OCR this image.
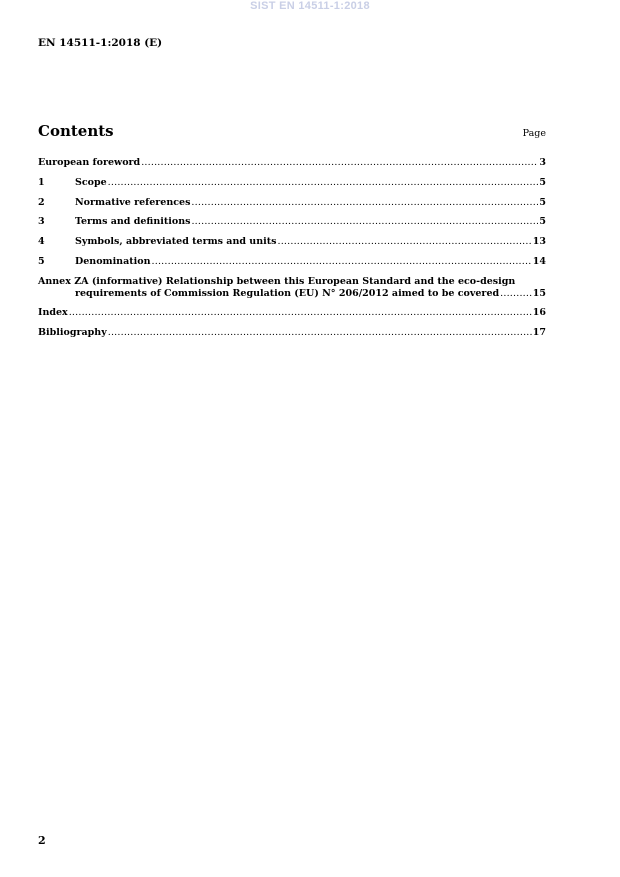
SIST EN 14511-1:2018
EN 14511-1:2018 (E)
Contents	Page
European foreword .....	3
1	Scope .....	5
2	Normative references .....	5
3	Terms and definitions .....	5
4	Symbols, abbreviated terms and units .....	13
5	Denomination .....	14
Annex ZA (informative) Relationship between this European Standard and the eco-design
requirements of Commission Regulation (EU) N° 206/2012 aimed to be covered .....	15
Index .....	16
Bibliography .....	17
2
